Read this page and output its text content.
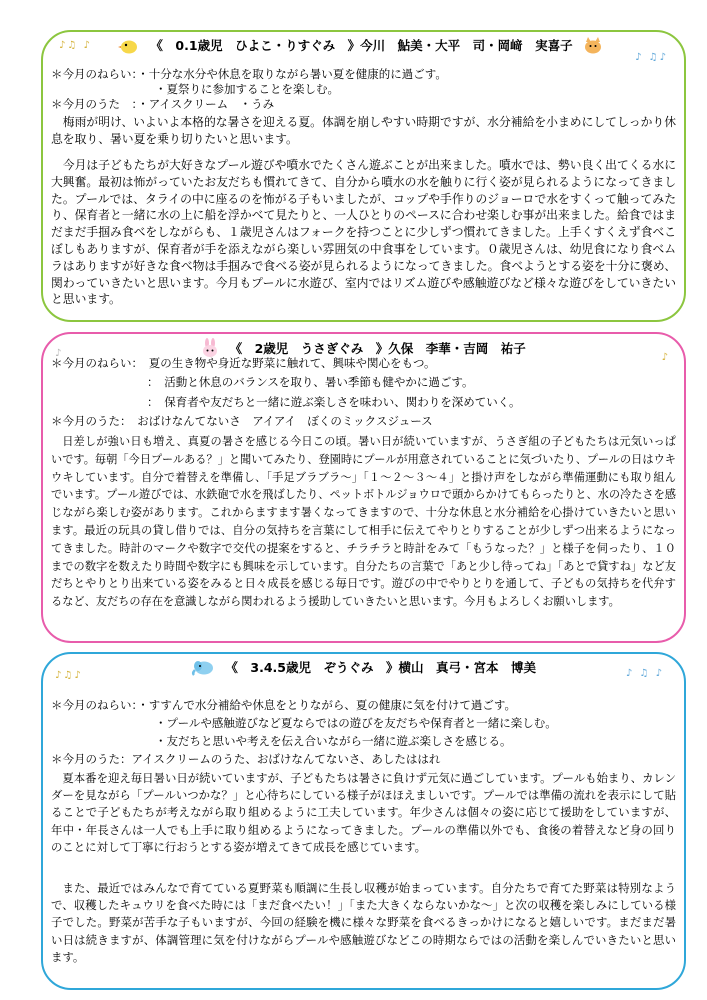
♪♫ ♪
♪ ♫♪
《　0.1歳児　ひよこ・りすぐみ　》今川　鮎美・大平　司・岡﨑　実喜子
＊今月のねらい：・十分な水分や休息を取りながら暑い夏を健康的に過ごす。
・夏祭りに参加することを楽しむ。
＊今月のうた　：・アイスクリーム　・うみ
梅雨が明け、いよいよ本格的な暑さを迎える夏。体調を崩しやすい時期ですが、水分補給を小まめにしてしっかり休息を取り、暑い夏を乗り切りたいと思います。
今月は子どもたちが大好きなプール遊びや噴水でたくさん遊ぶことが出来ました。噴水では、勢い良く出てくる水に大興奮。最初は怖がっていたお友だちも慣れてきて、自分から噴水の水を触りに行く姿が見られるようになってきました。プールでは、タライの中に座るのを怖がる子もいましたが、コップや手作りのジョーロで水をすくって触ってみたり、保育者と一緒に水の上に船を浮かべて見たりと、一人ひとりのペースに合わせ楽しむ事が出来ました。給食ではまだまだ手掴み食べをしながらも、１歳児さんはフォークを持つことに少しずつ慣れてきました。上手くすくえず食べこぼしもありますが、保育者が手を添えながら楽しい雰囲気の中食事をしています。０歳児さんは、幼児食になり食べムラはありますが好きな食べ物は手掴みで食べる姿が見られるようになってきました。食べようとする姿を十分に褒め、関わっていきたいと思います。今月もプールに水遊び、室内ではリズム遊びや感触遊びなど様々な遊びをしていきたいと思います。
♪	♪
《　2歳児　うさぎぐみ　》久保　李華・吉岡　祐子
＊今月のねらい：　 夏の生き物や身近な野菜に触れて、興味や関心をもつ。
：　活動と休息のバランスを取り、暑い季節も健やかに過ごす。
：　保育者や友だちと一緒に遊ぶ楽しさを味わい、関わりを深めていく。
＊今月のうた：　おばけなんてないさ　アイアイ　ぼくのミックスジュース
日差しが強い日も増え、真夏の暑さを感じる今日この頃。暑い日が続いていますが、うさぎ組の子どもたちは元気いっぱいです。毎朝「今日プールある？」と聞いてみたり、登園時にプールが用意されていることに気づいたり、プールの日はウキウキしています。自分で着替えを準備し、「手足ブラブラ～」「１～２～３～４」と掛け声をしながら準備運動にも取り組んでいます。プール遊びでは、水鉄砲で水を飛ばしたり、ペットボトルジョウロで頭からかけてもらったりと、水の冷たさを感じながら楽しむ姿があります。これからますます暑くなってきますので、十分な休息と水分補給を心掛けていきたいと思います。最近の玩具の貸し借りでは、自分の気持ちを言葉にして相手に伝えてやりとりすることが少しずつ出来るようになってきました。時計のマークや数字で交代の提案をすると、チラチラと時計をみて「もうなった？」と様子を伺ったり、１０までの数字を数えたり時間や数字にも興味を示しています。自分たちの言葉で「あと少し待ってね」「あとで貸すね」など友だちとやりとり出来ている姿をみると日々成長を感じる毎日です。遊びの中でやりとりを通して、子どもの気持ちを代弁するなど、友だちの存在を意識しながら関われるよう援助していきたいと思います。今月もよろしくお願いします。
♪♫♪	♪ ♫ ♪
《　3.4.5歳児　ぞうぐみ　》横山　真弓・宮本　博美
＊今月のねらい：・すすんで水分補給や休息をとりながら、夏の健康に気を付けて過ごす。
・プールや感触遊びなど夏ならではの遊びを友だちや保育者と一緒に楽しむ。
・友だちと思いや考えを伝え合いながら一緒に遊ぶ楽しさを感じる。
＊今月のうた：アイスクリームのうた、おばけなんてないさ、あしたははれ
夏本番を迎え毎日暑い日が続いていますが、子どもたちは暑さに負けず元気に過ごしています。プールも始まり、カレンダーを見ながら「プールいつかな？」と心待ちにしている様子がほほえましいです。プールでは準備の流れを表示にして貼ることで子どもたちが考えながら取り組めるように工夫しています。年少さんは個々の姿に応じて援助をしていますが、年中・年長さんは一人でも上手に取り組めるようになってきました。プールの準備以外でも、食後の着替えなど身の回りのことに対して丁寧に行おうとする姿が増えてきて成長を感じています。
また、最近ではみんなで育てている夏野菜も順調に生長し収穫が始まっています。自分たちで育てた野菜は特別なようで、収穫したキュウリを食べた時には「まだ食べたい！」「また大きくならないかな～」と次の収穫を楽しみにしている様子でした。野菜が苦手な子もいますが、今回の経験を機に様々な野菜を食べるきっかけになると嬉しいです。まだまだ暑い日は続きますが、体調管理に気を付けながらプールや感触遊びなどこの時期ならではの活動を楽しんでいきたいと思います。
